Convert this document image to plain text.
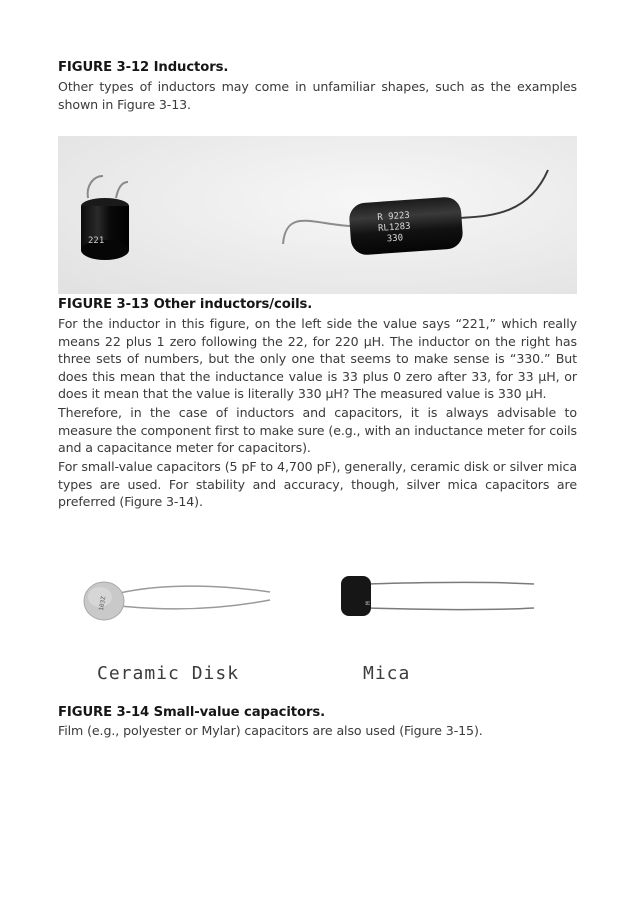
FIGURE 3-12 Inductors.

Other types of inductors may come in unfamiliar shapes, such as the examples shown in Figure 3-13.

221
R 9223
RL1283
330
FIGURE 3-13 Other inductors/coils.

For the inductor in this figure, on the left side the value says “221,” which really means 22 plus 1 zero following the 22, for 220 µH. The inductor on the right has three sets of numbers, but the only one that seems to make sense is “330.” But does this mean that the inductance value is 33 plus 0 zero after 33, for 33 µH, or does it mean that the value is literally 330 µH? The measured value is 330 µH.

Therefore, in the case of inductors and capacitors, it is always advisable to measure the component first to make sure (e.g., with an inductance meter for coils and a capacitance meter for capacitors).

For small-value capacitors (5 pF to 4,700 pF), generally, ceramic disk or silver mica types are used. For stability and accuracy, though, silver mica capacitors are preferred (Figure 3-14).

103Z	M
Ceramic Disk	Mica
FIGURE 3-14 Small-value capacitors.

Film (e.g., polyester or Mylar) capacitors are also used (Figure 3-15).
